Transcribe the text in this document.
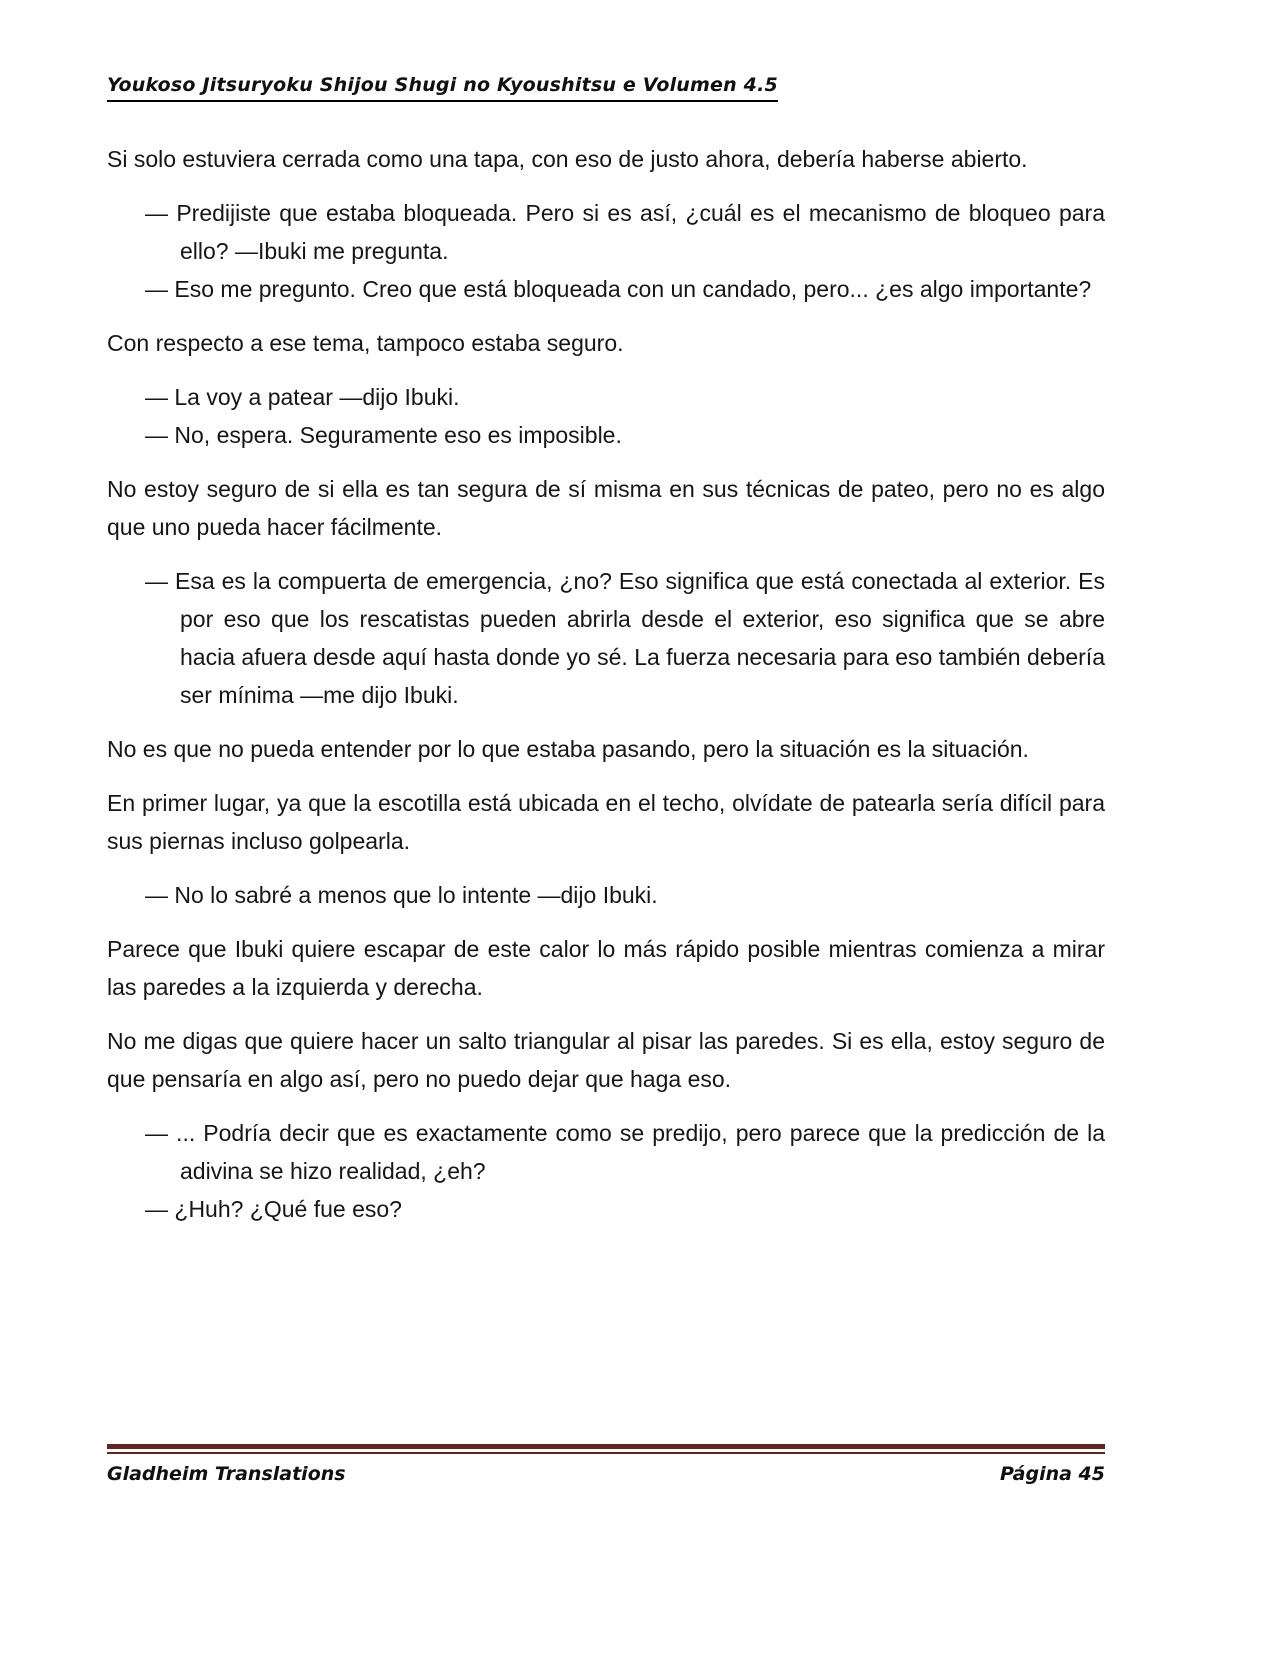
Youkoso Jitsuryoku Shijou Shugi no Kyoushitsu e Volumen 4.5
Si solo estuviera cerrada como una tapa, con eso de justo ahora, debería haberse abierto.
— Predijiste que estaba bloqueada. Pero si es así, ¿cuál es el mecanismo de bloqueo para ello? —Ibuki me pregunta.
— Eso me pregunto. Creo que está bloqueada con un candado, pero... ¿es algo importante?
Con respecto a ese tema, tampoco estaba seguro.
— La voy a patear —dijo Ibuki.
— No, espera. Seguramente eso es imposible.
No estoy seguro de si ella es tan segura de sí misma en sus técnicas de pateo, pero no es algo que uno pueda hacer fácilmente.
— Esa es la compuerta de emergencia, ¿no? Eso significa que está conectada al exterior. Es por eso que los rescatistas pueden abrirla desde el exterior, eso significa que se abre hacia afuera desde aquí hasta donde yo sé. La fuerza necesaria para eso también debería ser mínima —me dijo Ibuki.
No es que no pueda entender por lo que estaba pasando, pero la situación es la situación.
En primer lugar, ya que la escotilla está ubicada en el techo, olvídate de patearla sería difícil para sus piernas incluso golpearla.
— No lo sabré a menos que lo intente —dijo Ibuki.
Parece que Ibuki quiere escapar de este calor lo más rápido posible mientras comienza a mirar las paredes a la izquierda y derecha.
No me digas que quiere hacer un salto triangular al pisar las paredes. Si es ella, estoy seguro de que pensaría en algo así, pero no puedo dejar que haga eso.
— ... Podría decir que es exactamente como se predijo, pero parece que la predicción de la adivina se hizo realidad, ¿eh?
— ¿Huh? ¿Qué fue eso?
Gladheim Translations	Página 45
